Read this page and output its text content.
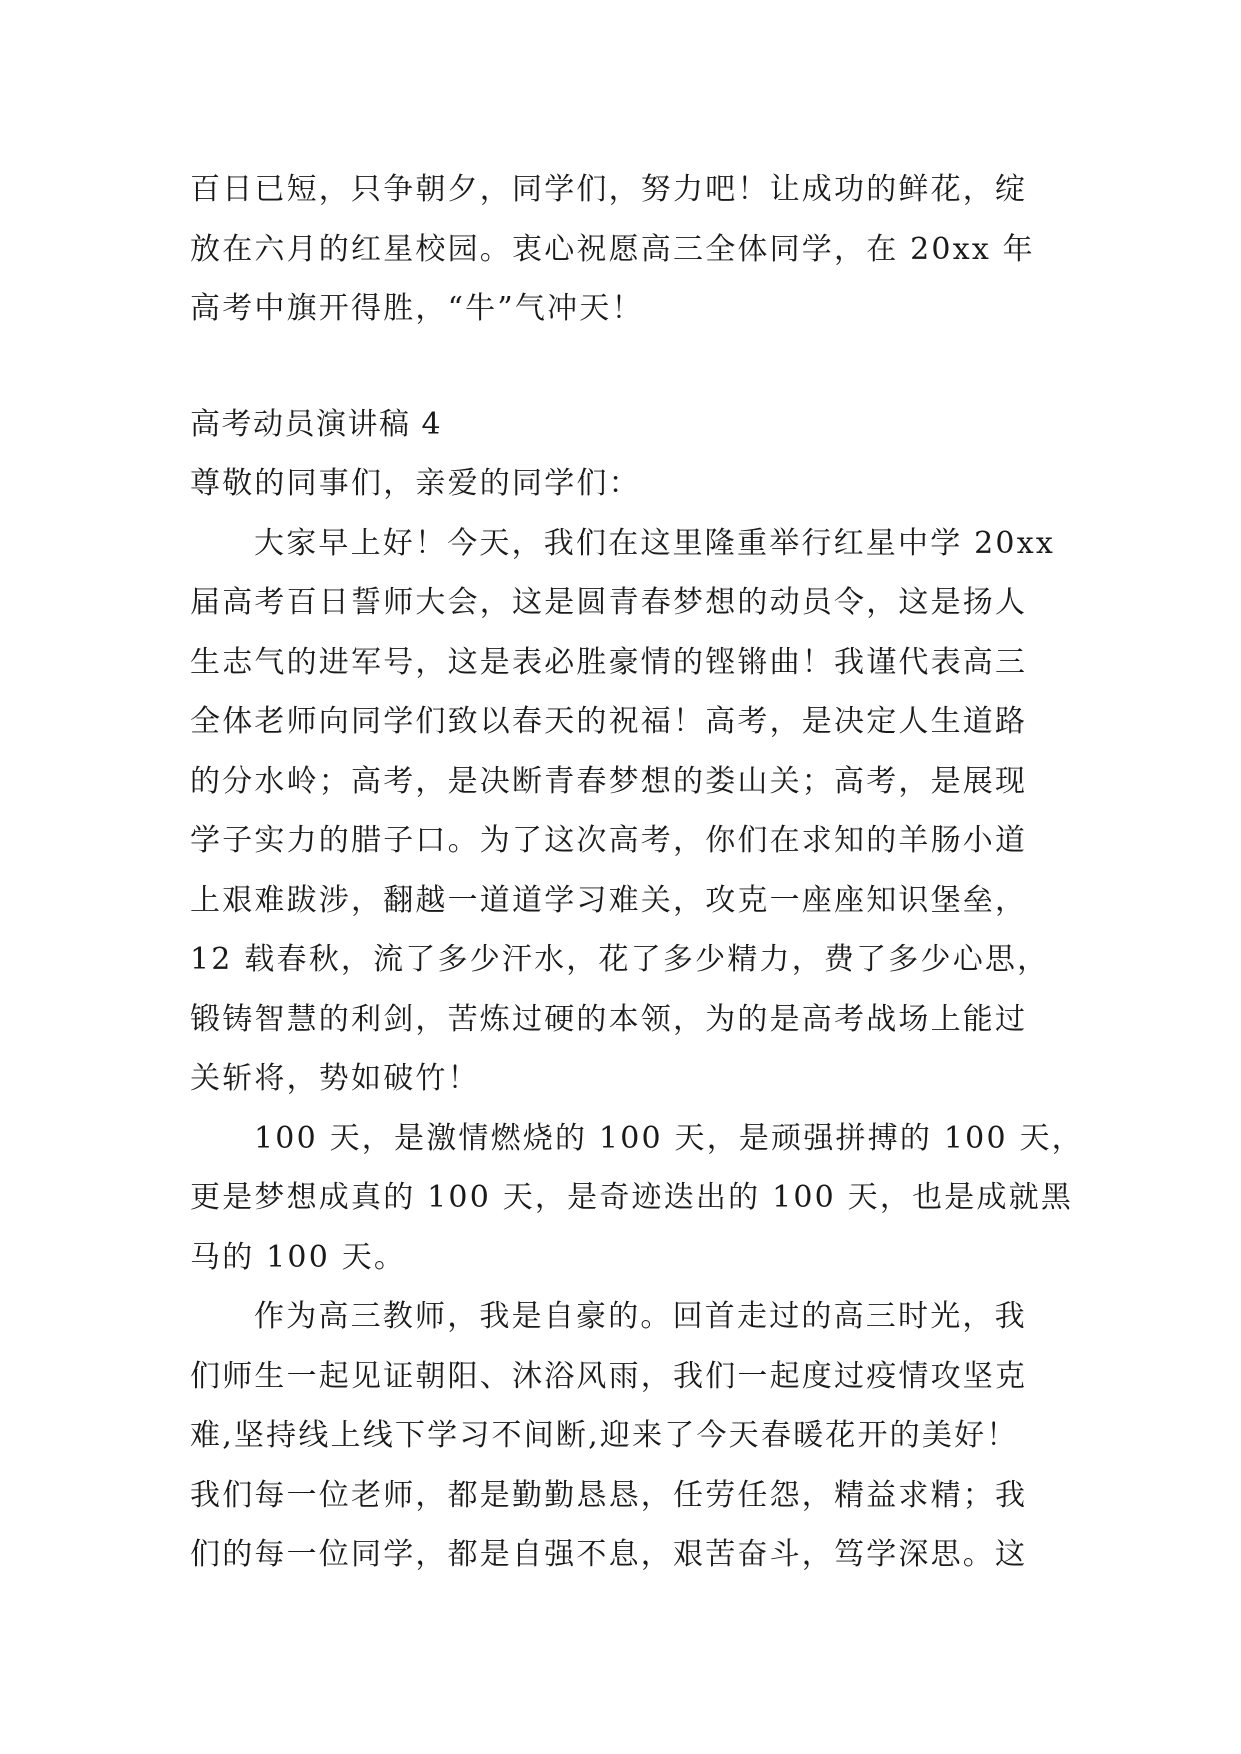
百日已短，只争朝夕，同学们，努力吧！让成功的鲜花，绽
放在六月的红星校园。衷心祝愿高三全体同学，在 20xx 年
高考中旗开得胜，“牛”气冲天！
高考动员演讲稿 4
尊敬的同事们，亲爱的同学们：
大家早上好！今天，我们在这里隆重举行红星中学 20xx
届高考百日誓师大会，这是圆青春梦想的动员令，这是扬人
生志气的进军号，这是表必胜豪情的铿锵曲！我谨代表高三
全体老师向同学们致以春天的祝福！高考，是决定人生道路
的分水岭；高考，是决断青春梦想的娄山关；高考，是展现
学子实力的腊子口。为了这次高考，你们在求知的羊肠小道
上艰难跋涉，翻越一道道学习难关，攻克一座座知识堡垒，
12 载春秋，流了多少汗水，花了多少精力，费了多少心思，
锻铸智慧的利剑，苦炼过硬的本领，为的是高考战场上能过
关斩将，势如破竹！
100 天，是激情燃烧的 100 天，是顽强拼搏的 100 天，
更是梦想成真的 100 天，是奇迹迭出的 100 天，也是成就黑
马的 100 天。
作为高三教师，我是自豪的。回首走过的高三时光，我
们师生一起见证朝阳、沐浴风雨，我们一起度过疫情攻坚克
难,坚持线上线下学习不间断,迎来了今天春暖花开的美好！
我们每一位老师，都是勤勤恳恳，任劳任怨，精益求精；我
们的每一位同学，都是自强不息，艰苦奋斗，笃学深思。这
